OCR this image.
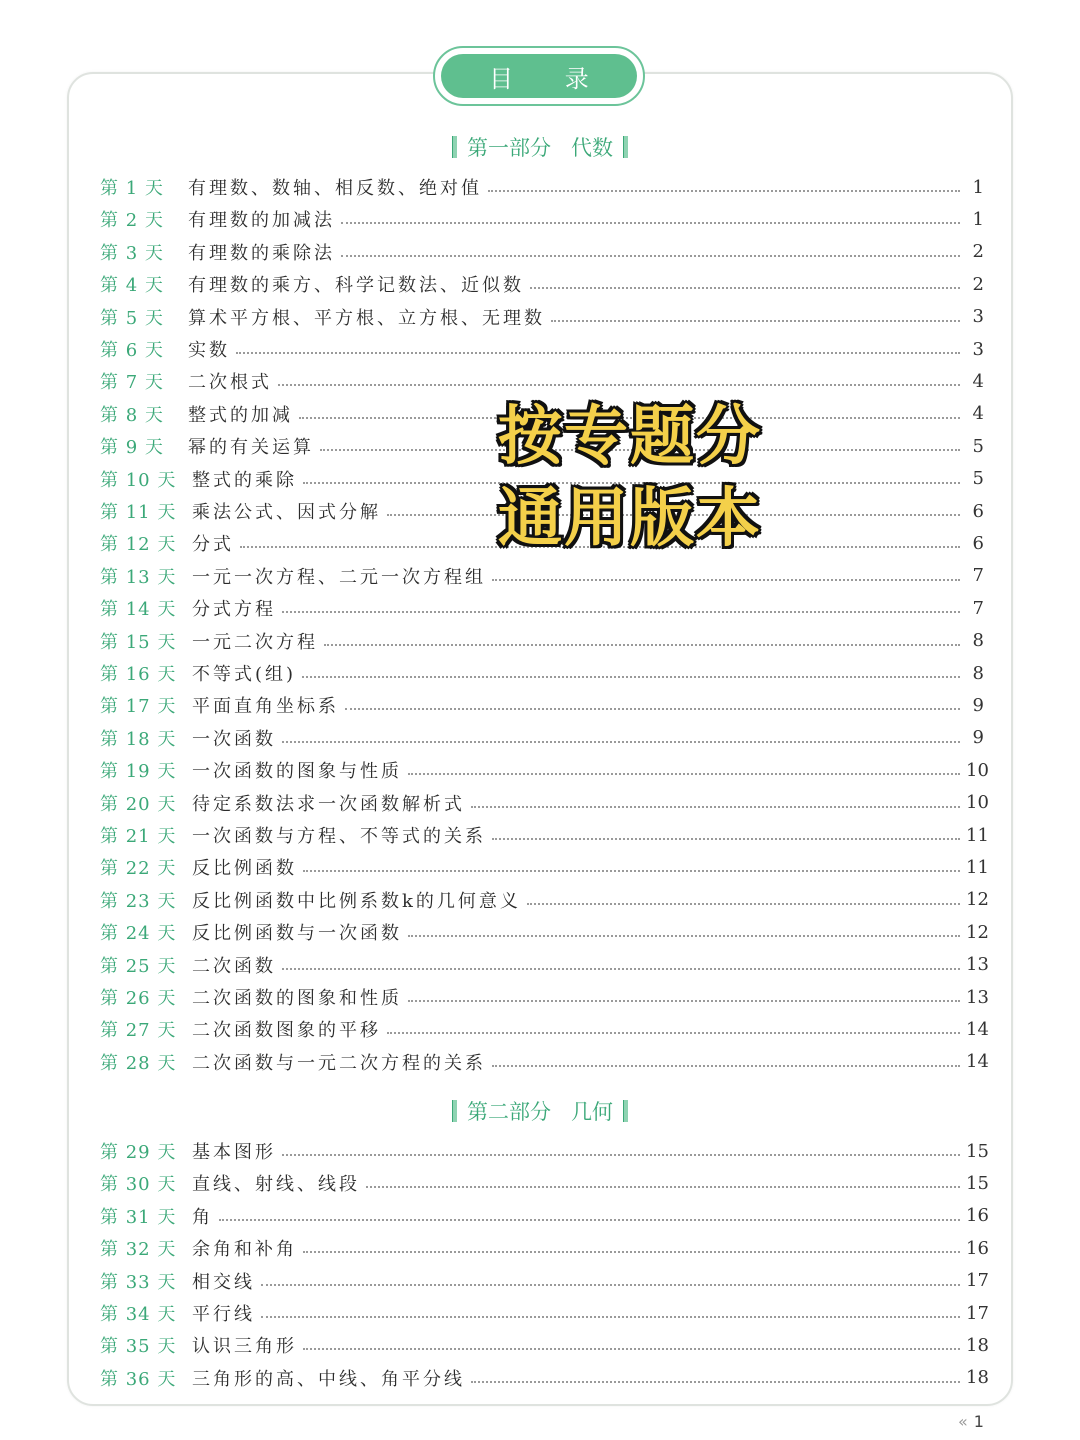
目 录
第一部分 代数
第二部分 几何
第 1 天	有理数、数轴、相反数、绝对值	1
第 2 天	有理数的加减法	1
第 3 天	有理数的乘除法	2
第 4 天	有理数的乘方、科学记数法、近似数	2
第 5 天	算术平方根、平方根、立方根、无理数	3
第 6 天	实数	3
第 7 天	二次根式	4
第 8 天	整式的加减	4
第 9 天	幂的有关运算	5
第 10 天 整式的乘除	5
第 11 天 乘法公式、因式分解	6
第 12 天 分式	6
第 13 天 一元一次方程、二元一次方程组	7
第 14 天 分式方程	7
第 15 天 一元二次方程	8
第 16 天 不等式(组)	8
第 17 天 平面直角坐标系	9
第 18 天 一次函数	9
第 19 天 一次函数的图象与性质	10
第 20 天 待定系数法求一次函数解析式	10
第 21 天 一次函数与方程、不等式的关系	11
第 22 天 反比例函数	11
第 23 天 反比例函数中比例系数k的几何意义	12
第 24 天 反比例函数与一次函数	12
第 25 天 二次函数	13
第 26 天 二次函数的图象和性质	13
第 27 天 二次函数图象的平移	14
第 28 天 二次函数与一元二次方程的关系	14
第 29 天 基本图形	15
第 30 天 直线、射线、线段	15
第 31 天 角	16
第 32 天 余角和补角	16
第 33 天 相交线	17
第 34 天 平行线	17
第 35 天 认识三角形	18
第 36 天 三角形的高、中线、角平分线	18
按专题分
通用版本
« 1
